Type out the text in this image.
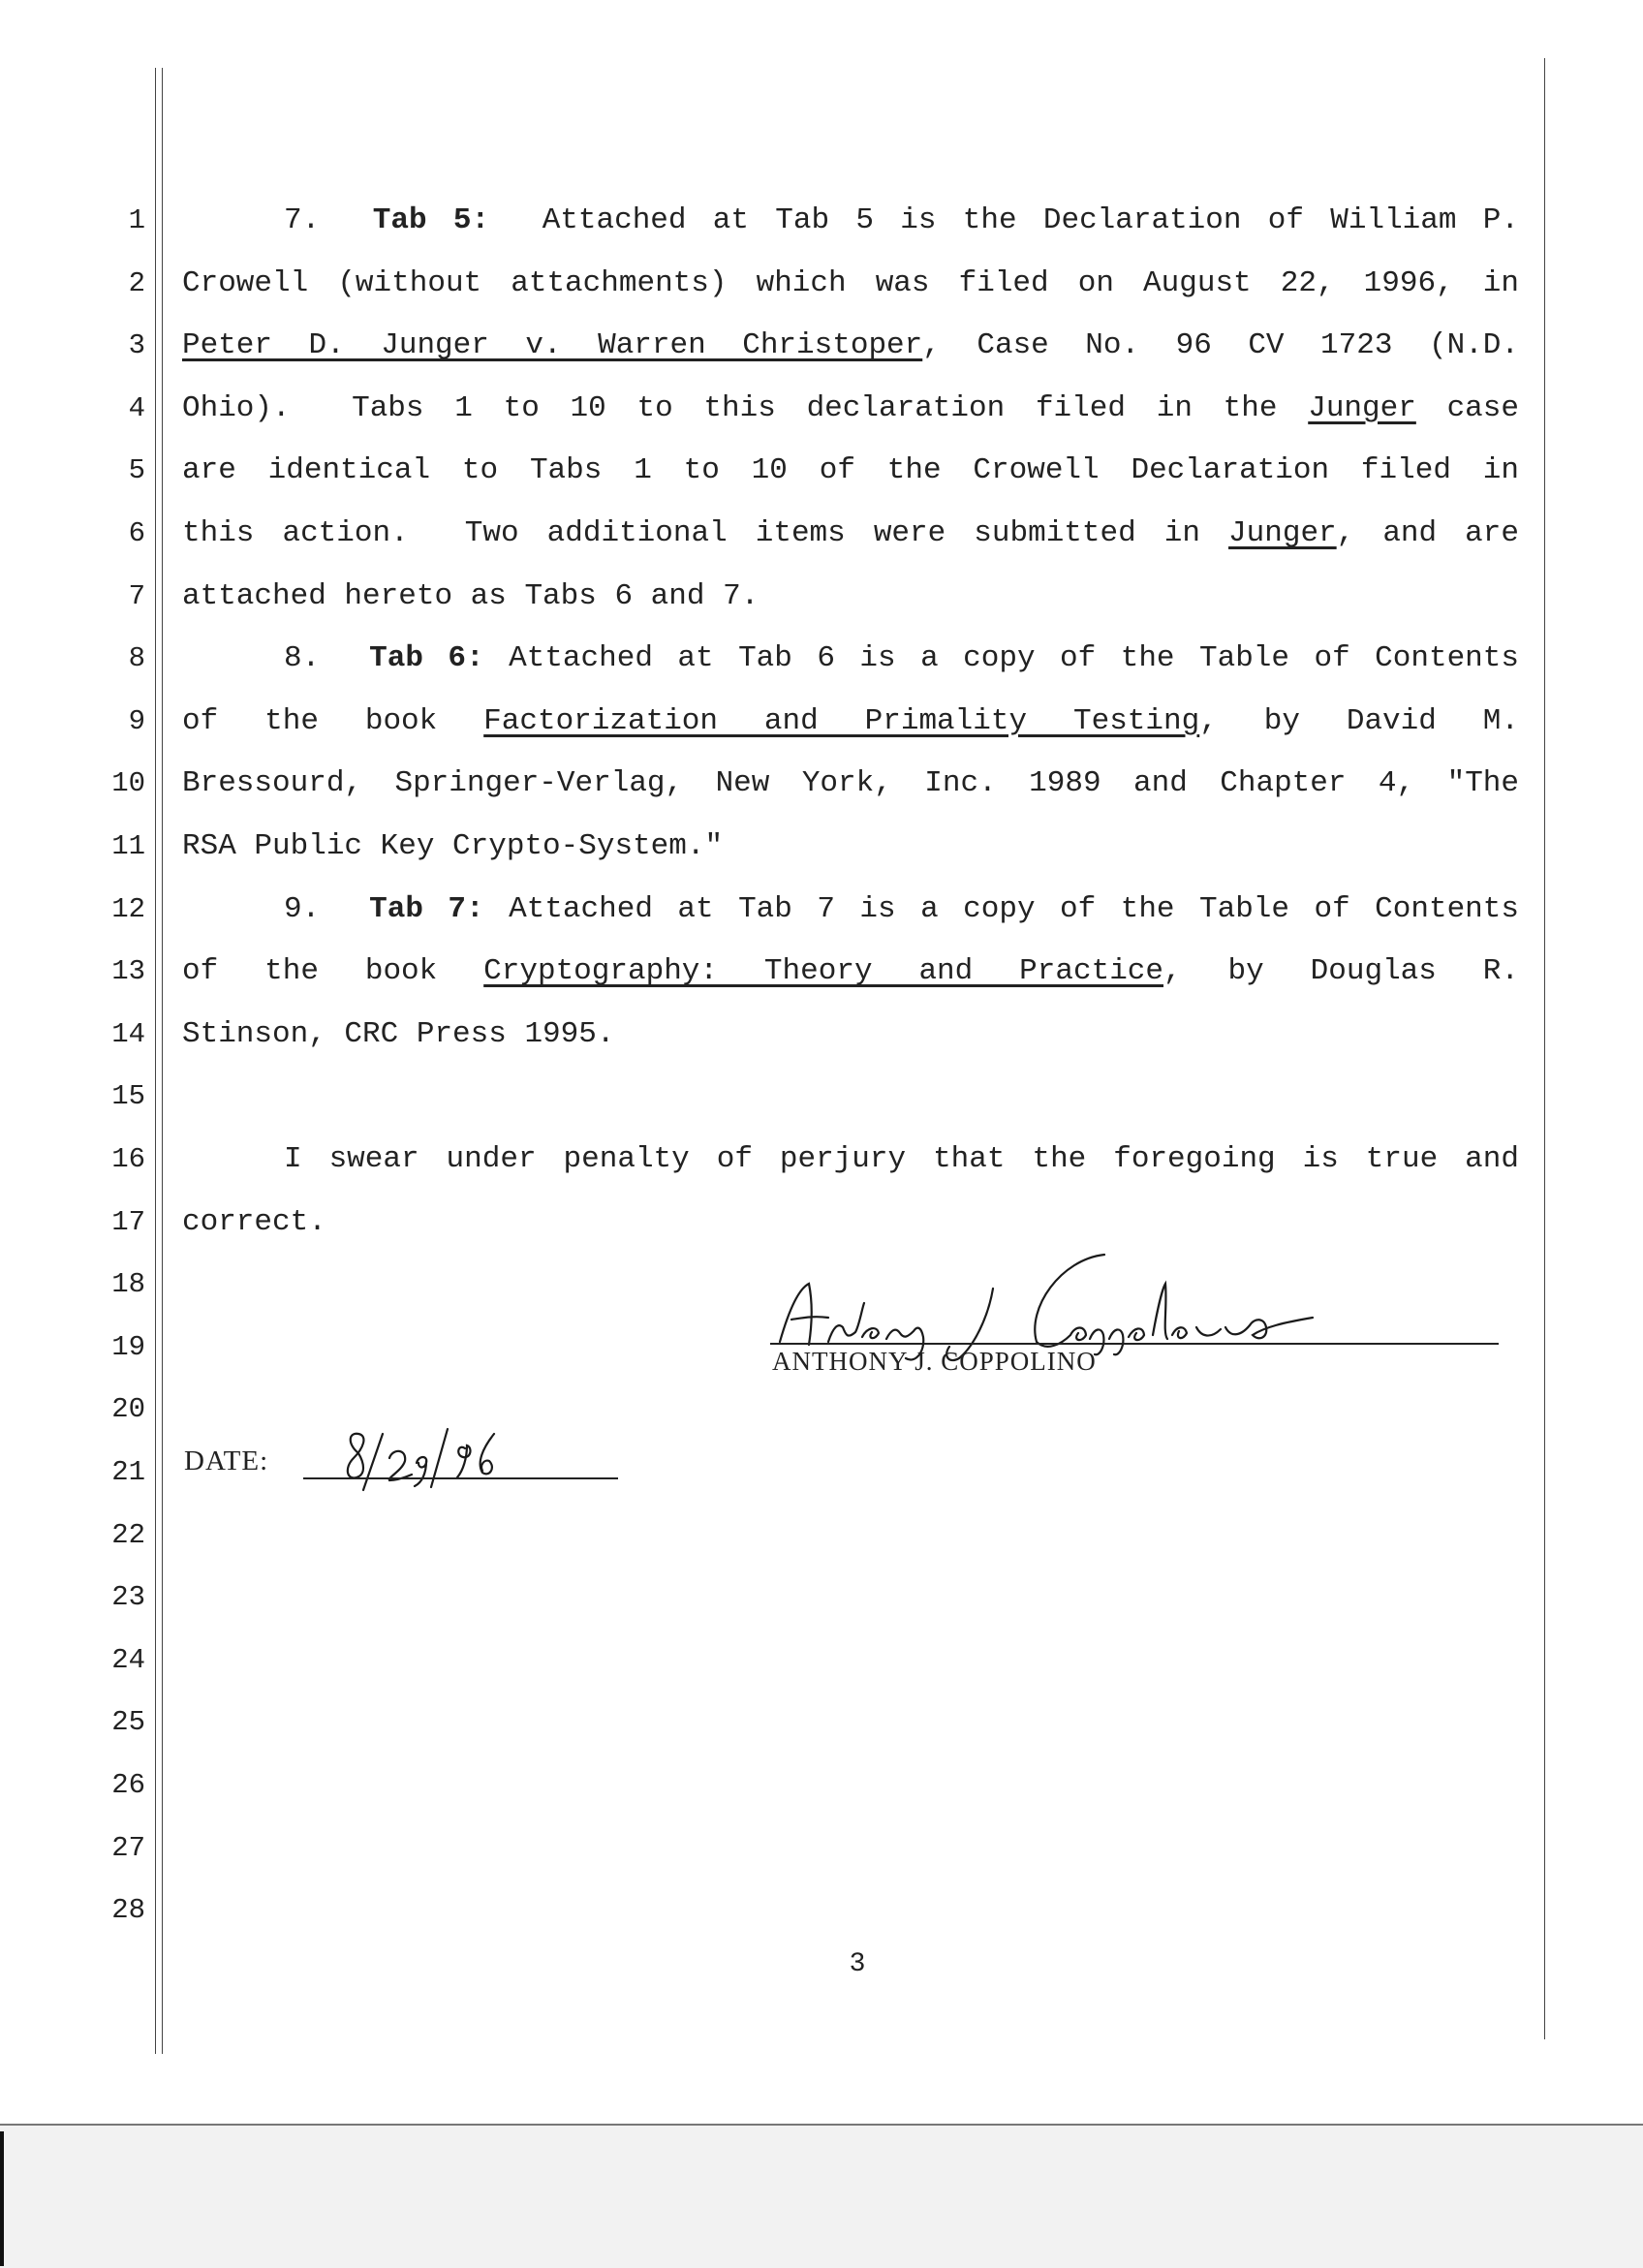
1
2
3
4
5
6
7
8
9
10
11
12
13
14
15
16
17
18
19
20
21
22
23
24
25
26
27
28
7. Tab 5: Attached at Tab 5 is the Declaration of William P.
Crowell (without attachments) which was filed on August 22, 1996, in
Peter D. Junger v. Warren Christoper, Case No. 96 CV 1723 (N.D.
Ohio).  Tabs 1 to 10 to this declaration filed in the Junger case
are identical to Tabs 1 to 10 of the Crowell Declaration filed in
this action.  Two additional items were submitted in Junger, and are
attached hereto as Tabs 6 and 7.
8. Tab 6: Attached at Tab 6 is a copy of the Table of Contents
of the book Factorization and Primality Testing, by David M.
Bressourd, Springer-Verlag, New York, Inc. 1989 and Chapter 4, "The
RSA Public Key Crypto-System."
9. Tab 7: Attached at Tab 7 is a copy of the Table of Contents
of the book Cryptography: Theory and Practice, by Douglas R.
Stinson, CRC Press 1995.
I swear under penalty of perjury that the foregoing is true and
correct.
ANTHONY J. COPPOLINO
DATE:
3
